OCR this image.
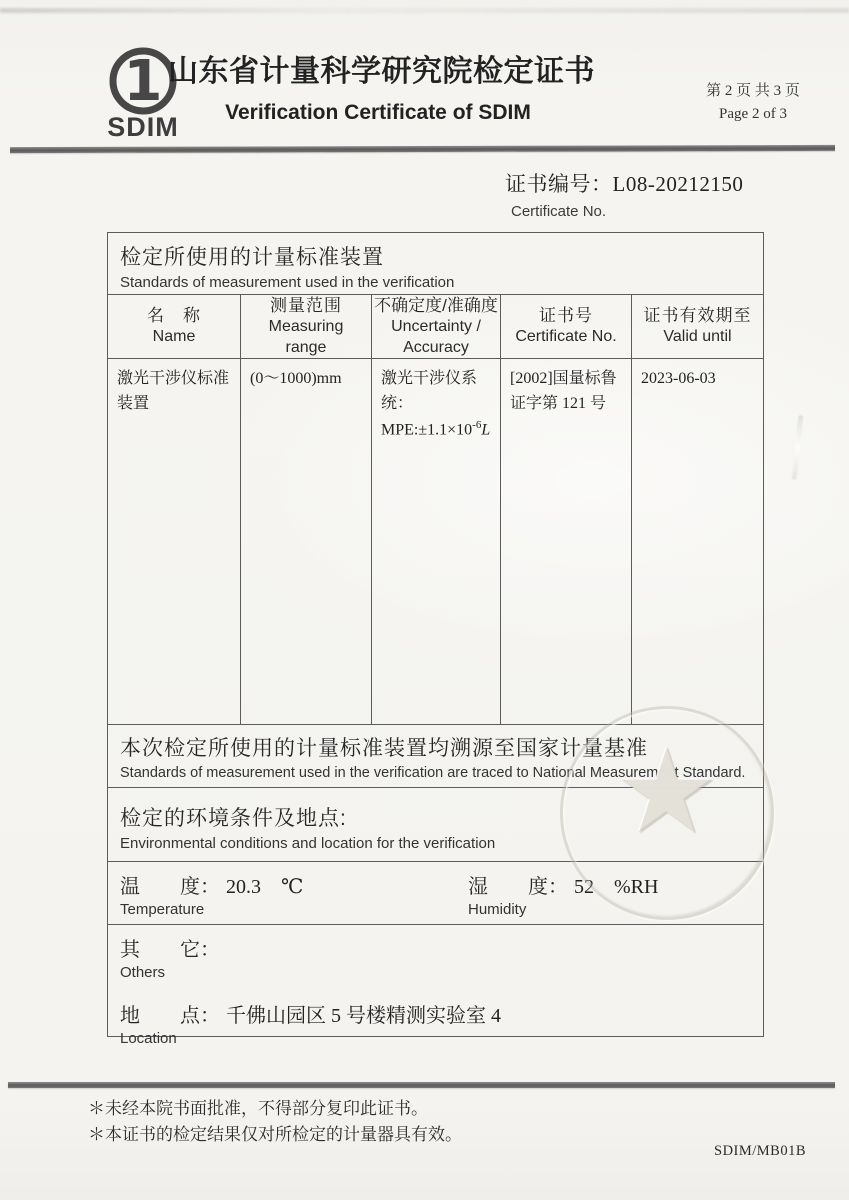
1
SDIM
山东省计量科学研究院检定证书
Verification Certificate of SDIM
第 2 页 共 3 页
Page 2 of 3
证书编号：L08-20212150
Certificate No.
检定所使用的计量标准装置
Standards of measurement used in the verification
名　称
Name
测量范围
Measuring range
不确定度/准确度
Uncertainty / Accuracy
证书号
Certificate No.
证书有效期至
Valid until
激光干涉仪标准装置
(0～1000)mm	激光干涉仪系统：
$MPE:\pm 1.1\times 10^{-6}L$
[2002]国量标鲁证字第 121 号
2023-06-03
本次检定所使用的计量标准装置均溯源至国家计量基准
Standards of measurement used in the verification are traced to National Measurement Standard.
检定的环境条件及地点:
Environmental conditions and location for the verification
温　　度： 20.3 ℃
Temperature
湿　　度： 52 %RH
Humidity
其　　它：
Others
地　　点： 千佛山园区 5 号楼精测实验室 4
Location
★
＊未经本院书面批准，不得部分复印此证书。
＊本证书的检定结果仅对所检定的计量器具有效。
SDIM/MB01B
